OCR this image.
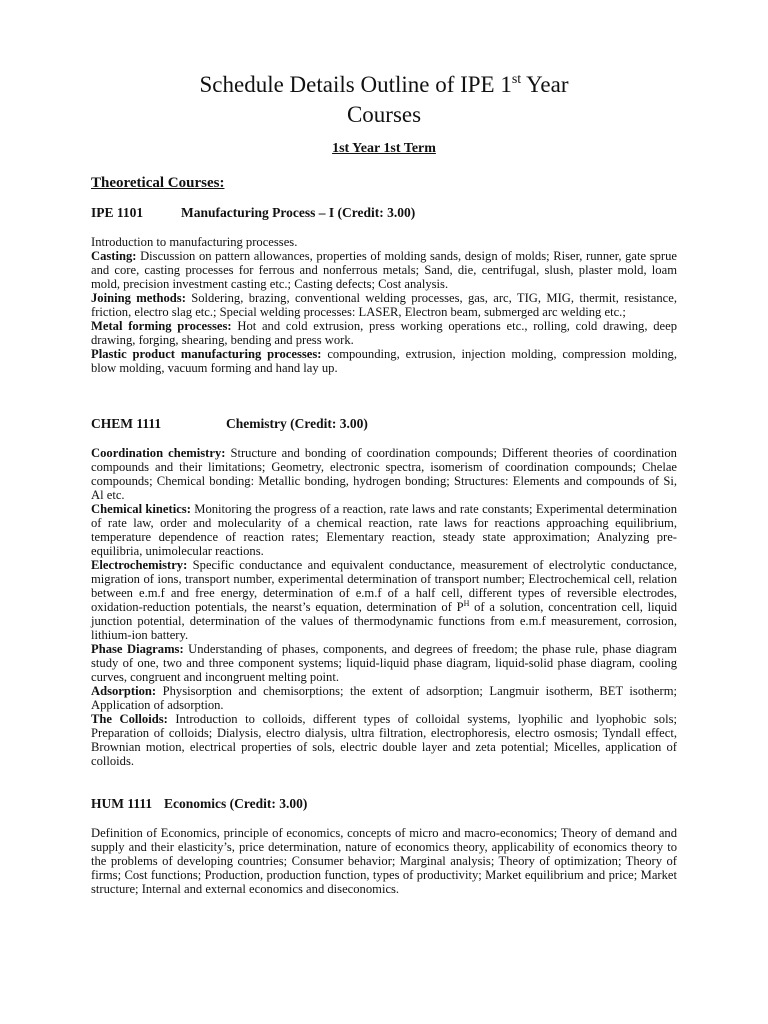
Schedule Details Outline of IPE 1st Year
Courses
1st Year 1st Term
Theoretical Courses:
IPE 1101	Manufacturing Process – I (Credit: 3.00)

Introduction to manufacturing processes.

Casting: Discussion on pattern allowances, properties of molding sands, design of molds; Riser, runner, gate sprue and core, casting processes for ferrous and nonferrous metals; Sand, die, centrifugal, slush, plaster mold, loam mold, precision investment casting etc.; Casting defects; Cost analysis.

Joining methods: Soldering, brazing, conventional welding processes, gas, arc, TIG, MIG, thermit, resistance, friction, electro slag etc.; Special welding processes: LASER, Electron beam, submerged arc welding etc.;

Metal forming processes: Hot and cold extrusion, press working operations etc., rolling, cold drawing, deep drawing, forging, shearing, bending and press work.

Plastic product manufacturing processes: compounding, extrusion, injection molding, compression molding, blow molding, vacuum forming and hand lay up.

CHEM 1111	Chemistry (Credit: 3.00)

Coordination chemistry: Structure and bonding of coordination compounds; Different theories of coordination compounds and their limitations; Geometry, electronic spectra, isomerism of coordination compounds; Chelae compounds; Chemical bonding: Metallic bonding, hydrogen bonding; Structures: Elements and compounds of Si, Al etc.

Chemical kinetics: Monitoring the progress of a reaction, rate laws and rate constants; Experimental determination of rate law, order and molecularity of a chemical reaction, rate laws for reactions approaching equilibrium, temperature dependence of reaction rates; Elementary reaction, steady state approximation; Analyzing pre-equilibria, unimolecular reactions.

Electrochemistry: Specific conductance and equivalent conductance, measurement of electrolytic conductance, migration of ions, transport number, experimental determination of transport number; Electrochemical cell, relation between e.m.f and free energy, determination of e.m.f of a half cell, different types of reversible electrodes, oxidation-reduction potentials, the nearst’s equation, determination of $P^H$ of a solution, concentration cell, liquid junction potential, determination of the values of thermodynamic functions from e.m.f measurement, corrosion, lithium-ion battery.

Phase Diagrams: Understanding of phases, components, and degrees of freedom; the phase rule, phase diagram study of one, two and three component systems; liquid-liquid phase diagram, liquid-solid phase diagram, cooling curves, congruent and incongruent melting point.

Adsorption: Physisorption and chemisorptions; the extent of adsorption; Langmuir isotherm, BET isotherm; Application of adsorption.

The Colloids: Introduction to colloids, different types of colloidal systems, lyophilic and lyophobic sols; Preparation of colloids; Dialysis, electro dialysis, ultra filtration, electrophoresis, electro osmosis; Tyndall effect, Brownian motion, electrical properties of sols, electric double layer and zeta potential; Micelles, application of colloids.

HUM 1111 Economics (Credit: 3.00)

Definition of Economics, principle of economics, concepts of micro and macro-economics; Theory of demand and supply and their elasticity’s, price determination, nature of economics theory, applicability of economics theory to the problems of developing countries; Consumer behavior; Marginal analysis; Theory of optimization; Theory of firms; Cost functions; Production, production function, types of productivity; Market equilibrium and price; Market structure; Internal and external economics and diseconomics.
